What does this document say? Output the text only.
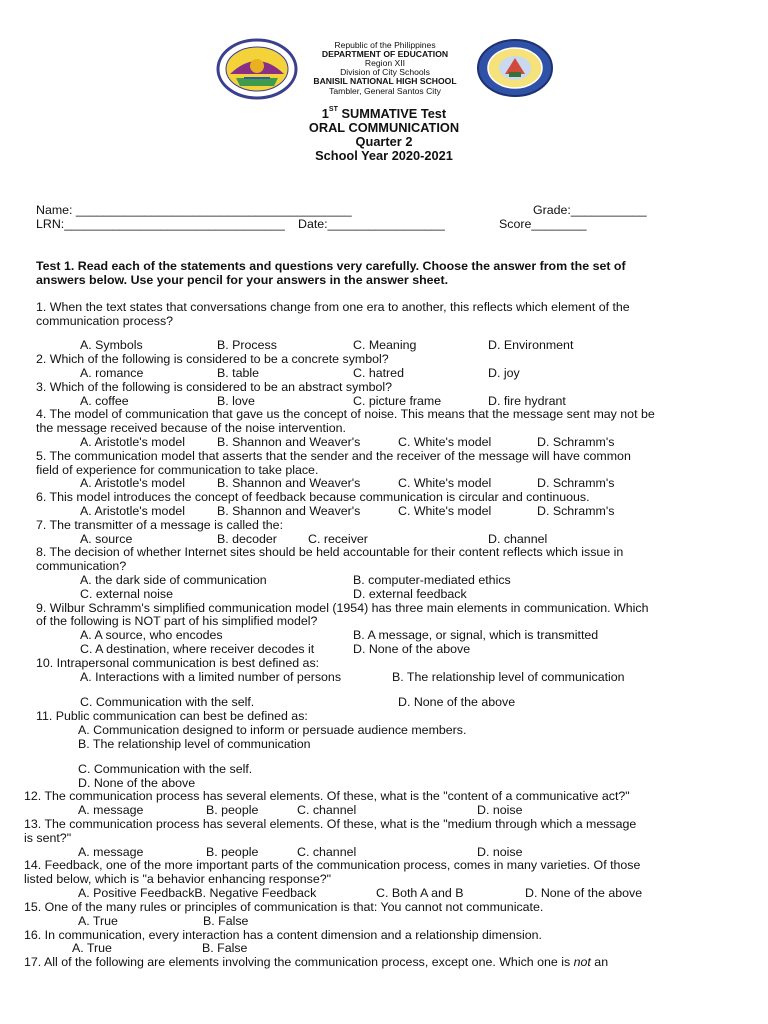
Republic of the Philippines
DEPARTMENT OF EDUCATION
Region XII
Division of City Schools
BANISIL NATIONAL HIGH SCHOOL
Tambler, General Santos City
1ST SUMMATIVE Test
ORAL COMMUNICATION
Quarter 2
School Year 2020-2021
Name: ________________________________________	Grade:___________
LRN:________________________________ Date:_________________	Score________
Test 1. Read each of the statements and questions very carefully. Choose the answer from the set of
answers below. Use your pencil for your answers in the answer sheet.
1. When the text states that conversations change from one era to another, this reflects which element of the
communication process?
A. Symbols	B. Process	C. Meaning	D. Environment
2. Which of the following is considered to be a concrete symbol?
A. romance	B. table	C. hatred	D. joy
3. Which of the following is considered to be an abstract symbol?
A. coffee	B. love	C. picture frame	D. fire hydrant
4. The model of communication that gave us the concept of noise. This means that the message sent may not be
the message received because of the noise intervention.
A. Aristotle's model	B. Shannon and Weaver's	C. White's model	D. Schramm's
5. The communication model that asserts that the sender and the receiver of the message will have common
field of experience for communication to take place.
A. Aristotle's model	B. Shannon and Weaver's	C. White's model	D. Schramm's
6. This model introduces the concept of feedback because communication is circular and continuous.
A. Aristotle's model	B. Shannon and Weaver's	C. White's model	D. Schramm's
7. The transmitter of a message is called the:
A. source	B. decoder	C. receiver	D. channel
8. The decision of whether Internet sites should be held accountable for their content reflects which issue in
communication?
A. the dark side of communication	B. computer-mediated ethics
C. external noise	D. external feedback
9. Wilbur Schramm's simplified communication model (1954) has three main elements in communication. Which
of the following is NOT part of his simplified model?
A. A source, who encodes	B. A message, or signal, which is transmitted
C. A destination, where receiver decodes it	D. None of the above
10. Intrapersonal communication is best defined as:
A. Interactions with a limited number of persons	B. The relationship level of communication
C. Communication with the self.	D. None of the above
11. Public communication can best be defined as:
A. Communication designed to inform or persuade audience members.
B. The relationship level of communication
C. Communication with the self.
D. None of the above
12. The communication process has several elements. Of these, what is the "content of a communicative act?"
A. message	B. people	C. channel	D. noise
13. The communication process has several elements. Of these, what is the "medium through which a message
is sent?"
A. message	B. people	C. channel	D. noise
14. Feedback, one of the more important parts of the communication process, comes in many varieties. Of those
listed below, which is "a behavior enhancing response?"
A. Positive FeedbackB. Negative Feedback	C. Both A and B	D. None of the above
15. One of the many rules or principles of communication is that: You cannot not communicate.
A. True	B. False
16. In communication, every interaction has a content dimension and a relationship dimension.
A. True	B. False
17. All of the following are elements involving the communication process, except one. Which one is not an
